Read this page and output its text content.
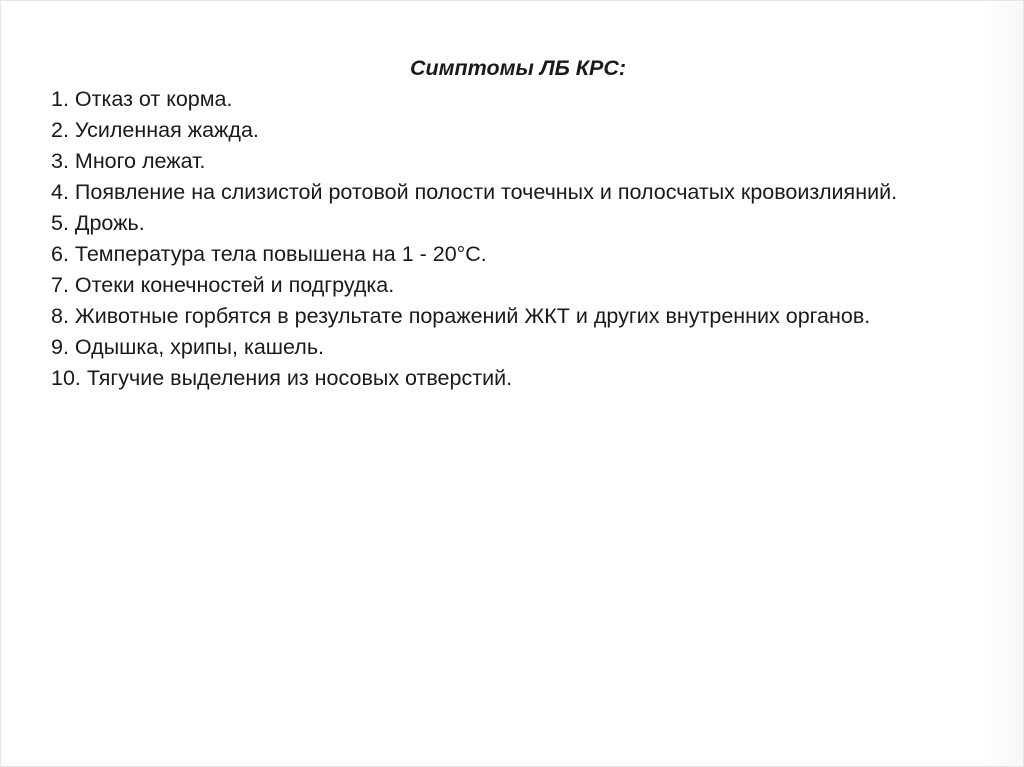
Симптомы ЛБ КРС:

1. Отказ от корма.
2. Усиленная жажда.
3. Много лежат.
4. Появление на слизистой ротовой полости точечных и полосчатых кровоизлияний.
5. Дрожь.
6. Температура тела повышена на 1 - 20°С.
7. Отеки конечностей и подгрудка.
8. Животные горбятся в результате поражений ЖКТ и других внутренних органов.
9. Одышка, хрипы, кашель.
10. Тягучие выделения из носовых отверстий.
